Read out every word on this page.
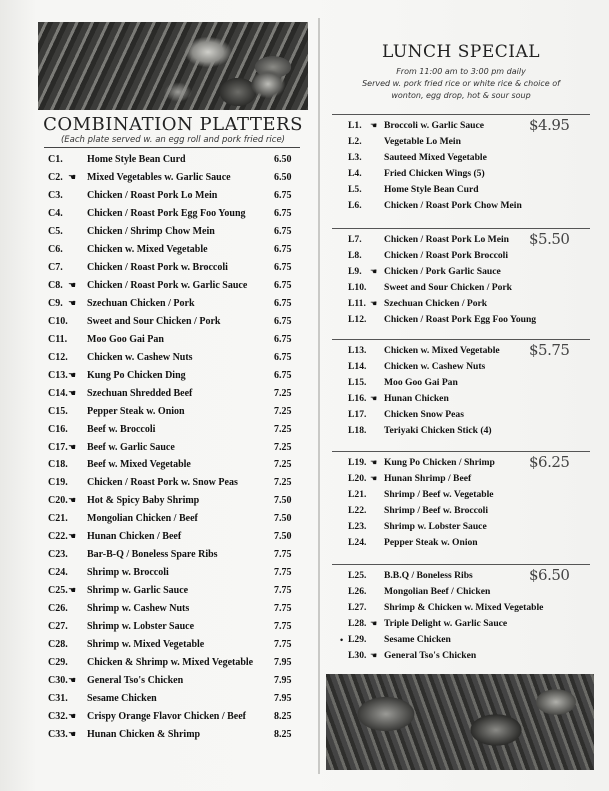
COMBINATION PLATTERS
(Each plate served w. an egg roll and pork fried rice)
C1.	Home Style Bean Curd	6.50
C2. ☚ Mixed Vegetables w. Garlic Sauce	6.50
C3.	Chicken / Roast Pork Lo Mein	6.75
C4.	Chicken / Roast Pork Egg Foo Young	6.75
C5.	Chicken / Shrimp Chow Mein	6.75
C6.	Chicken w. Mixed Vegetable	6.75
C7.	Chicken / Roast Pork w. Broccoli	6.75
C8. ☚ Chicken / Roast Pork w. Garlic Sauce	6.75
C9. ☚ Szechuan Chicken / Pork	6.75
C10.	Sweet and Sour Chicken / Pork	6.75
C11.	Moo Goo Gai Pan	6.75
C12.	Chicken w. Cashew Nuts	6.75
C13. ☚ Kung Po Chicken Ding	6.75
C14. ☚ Szechuan Shredded Beef	7.25
C15.	Pepper Steak w. Onion	7.25
C16.	Beef w. Broccoli	7.25
C17. ☚ Beef w. Garlic Sauce	7.25
C18.	Beef w. Mixed Vegetable	7.25
C19.	Chicken / Roast Pork w. Snow Peas	7.25
C20. ☚ Hot & Spicy Baby Shrimp	7.50
C21.	Mongolian Chicken / Beef	7.50
C22. ☚ Hunan Chicken / Beef	7.50
C23.	Bar-B-Q / Boneless Spare Ribs	7.75
C24.	Shrimp w. Broccoli	7.75
C25. ☚ Shrimp w. Garlic Sauce	7.75
C26.	Shrimp w. Cashew Nuts	7.75
C27.	Shrimp w. Lobster Sauce	7.75
C28.	Shrimp w. Mixed Vegetable	7.75
C29.	Chicken & Shrimp w. Mixed Vegetable 7.95
C30. ☚ General Tso's Chicken	7.95
C31.	Sesame Chicken	7.95
C32. ☚ Crispy Orange Flavor Chicken / Beef	8.25
C33. ☚ Hunan Chicken & Shrimp	8.25
LUNCH SPECIAL
From 11:00 am to 3:00 pm daily
Served w. pork fried rice or white rice & choice of
wonton, egg drop, hot & sour soup
L1. ☚ Broccoli w. Garlic Sauce
L2. Vegetable Lo Mein
L3. Sauteed Mixed Vegetable
L4. Fried Chicken Wings (5)
L5. Home Style Bean Curd
L6. Chicken / Roast Pork Chow Mein
$4.95
L7. Chicken / Roast Pork Lo Mein
L8. Chicken / Roast Pork Broccoli
L9. ☚ Chicken / Pork Garlic Sauce
L10. Sweet and Sour Chicken / Pork
L11. ☚ Szechuan Chicken / Pork
L12. Chicken / Roast Pork Egg Foo Young
$5.50
L13. Chicken w. Mixed Vegetable
L14. Chicken w. Cashew Nuts
L15. Moo Goo Gai Pan
L16. ☚ Hunan Chicken
L17. Chicken Snow Peas
L18. Teriyaki Chicken Stick (4)
$5.75
L19. ☚ Kung Po Chicken / Shrimp
L20. ☚ Hunan Shrimp / Beef
L21. Shrimp / Beef w. Vegetable
L22. Shrimp / Beef w. Broccoli
L23. Shrimp w. Lobster Sauce
L24. Pepper Steak w. Onion
$6.25
L25. B.B.Q / Boneless Ribs
L26. Mongolian Beef / Chicken
L27. Shrimp & Chicken w. Mixed Vegetable
L28. ☚ Triple Delight w. Garlic Sauce
• L29. Sesame Chicken
L30. ☚ General Tso's Chicken
$6.50
